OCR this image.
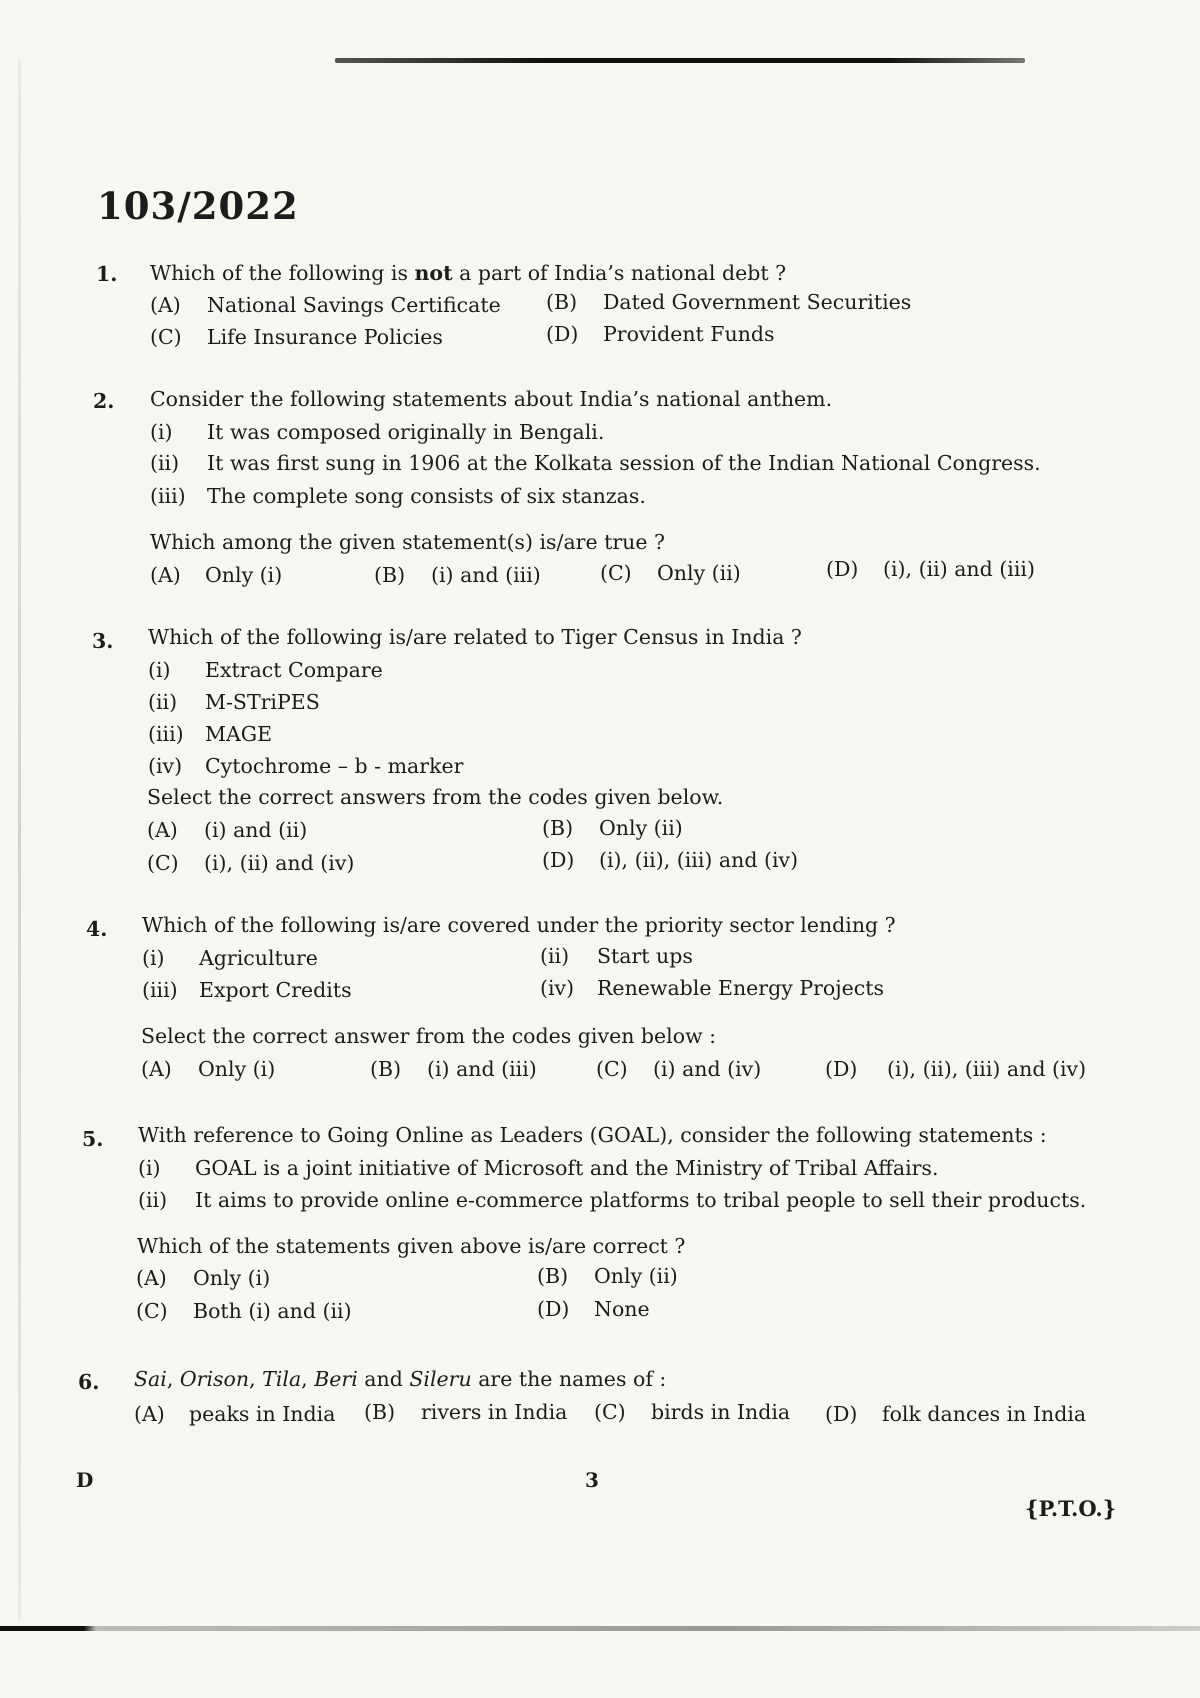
103/2022
1. Which of the following is not a part of India’s national debt ?
(A) National Savings Certificate (B) Dated Government Securities
(C) Life Insurance Policies	(D) Provident Funds
2. Consider the following statements about India’s national anthem.
(i) It was composed originally in Bengali.
(ii) It was first sung in 1906 at the Kolkata session of the Indian National Congress.
(iii) The complete song consists of six stanzas.
Which among the given statement(s) is/are true ?
(A) Only (i)	(B) (i) and (iii)	(C) Only (ii)	(D) (i), (ii) and (iii)
3. Which of the following is/are related to Tiger Census in India ?
(i) Extract Compare
(ii) M-STriPES
(iii) MAGE
(iv) Cytochrome – b - marker
Select the correct answers from the codes given below.
(A) (i) and (ii)	(B) Only (ii)
(C) (i), (ii) and (iv)	(D) (i), (ii), (iii) and (iv)
4. Which of the following is/are covered under the priority sector lending ?
(i) Agriculture	(ii) Start ups
(iii) Export Credits	(iv) Renewable Energy Projects
Select the correct answer from the codes given below :
(A) Only (i)	(B) (i) and (iii)	(C) (i) and (iv)	(D) (i), (ii), (iii) and (iv)
5. With reference to Going Online as Leaders (GOAL), consider the following statements :
(i) GOAL is a joint initiative of Microsoft and the Ministry of Tribal Affairs.
(ii) It aims to provide online e-commerce platforms to tribal people to sell their products.
Which of the statements given above is/are correct ?
(A) Only (i)	(B) Only (ii)
(C) Both (i) and (ii)	(D) None
6. Sai, Orison, Tila, Beri and Sileru are the names of :
(A) peaks in India (B) rivers in India (C) birds in India (D) folk dances in India
D	3
{P.T.O.}
